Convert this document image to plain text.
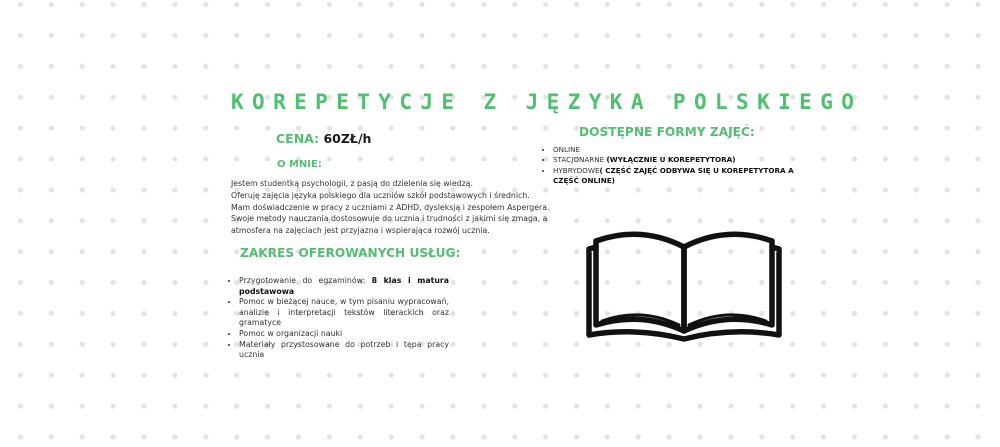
KOREPETYCJE Z JĘZYKA POLSKIEGO
CENA: 60ZŁ/h
O MNIE:
Jestem studentką psychologii, z pasją do dzielenia się wiedzą.
Oferuję zajęcia języka polskiego dla uczniów szkół podstawowych i średnich.
Mam doświadczenie w pracy z uczniami z ADHD, dysleksją i zespołem Aspergera.
Swoje metody nauczania dostosowuje do ucznia i trudności z jakimi się zmaga, a
atmosfera na zajęciach jest przyjazna i wspierająca rozwój ucznia.
ZAKRES OFEROWANYCH USŁUG:
• Przygotowanie do egzaminów: 8 klas i matura podstawowa
• Pomoc w bieżącej nauce, w tym pisaniu wypracowań, analizie i interpretacji tekstów literackich oraz gramatyce
• Pomoc w organizacji nauki
• Materiały przystosowane do potrzeb i tępa pracy ucznia
DOSTĘPNE FORMY ZAJĘĆ:
• ONLINE
• STACJONARNE (WYŁĄCZNIE U KOREPETYTORA)
• HYBRYDOWE( CZĘŚĆ ZAJĘĆ ODBYWA SIĘ U KOREPETYTORA A CZĘŚĆ ONLINE)
